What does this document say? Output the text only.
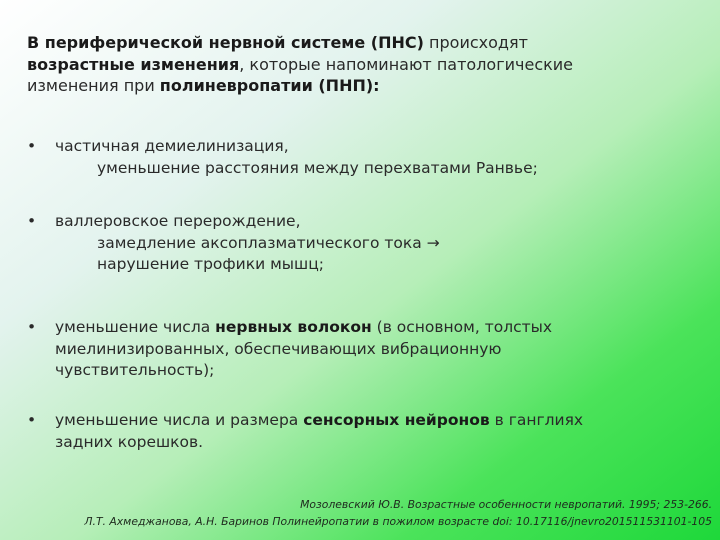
В периферической нервной системе (ПНС) происходят
возрастные изменения, которые напоминают патологические
изменения при полиневропатии (ПНП):
• частичная демиелинизация,
уменьшение расстояния между перехватами Ранвье;
• валлеровское перерождение,
замедление аксоплазматического тока →
нарушение трофики мышц;
• уменьшение числа нервных волокон (в основном, толстых
миелинизированных, обеспечивающих вибрационную
чувствительность);
• уменьшение числа и размера сенсорных нейронов в ганглиях
задних корешков.
Мозолевский Ю.В. Возрастные особенности невропатий. 1995; 253-266.
Л.Т. Ахмеджанова, А.Н. Баринов Полинейропатии в пожилом возрасте doi: 10.17116/jnevro201511531101-105
